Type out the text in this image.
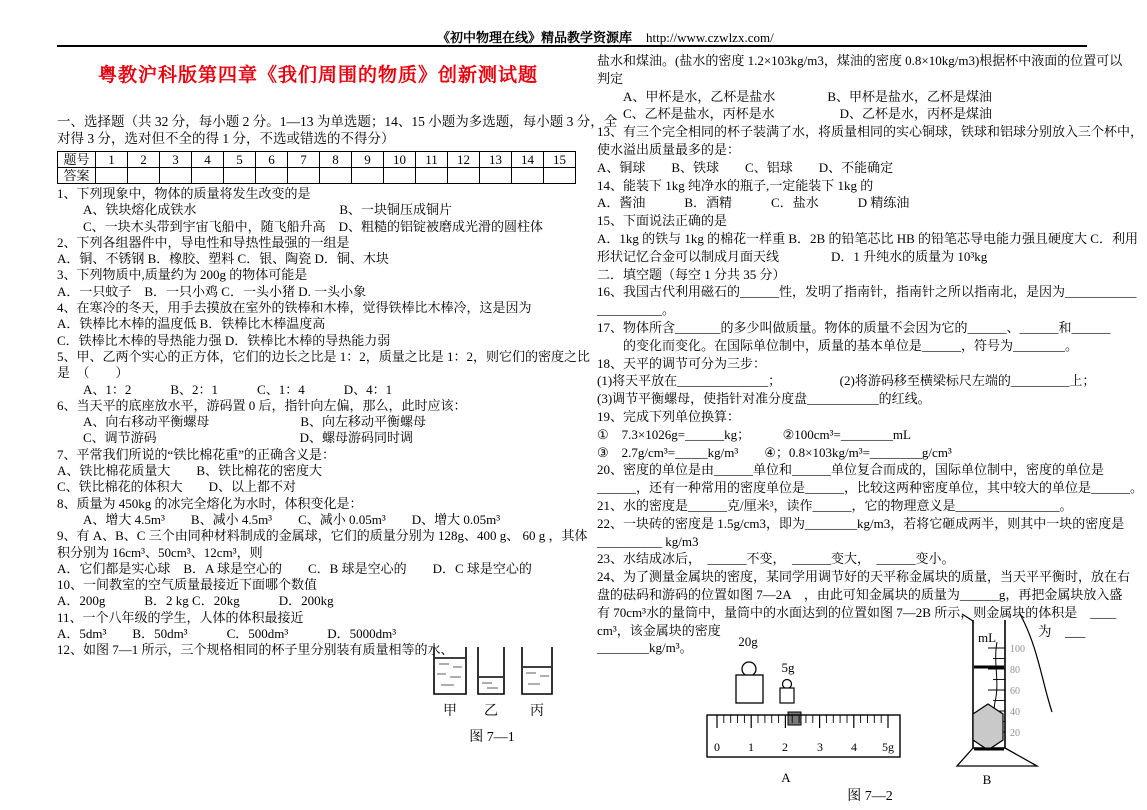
《初中物理在线》精品教学资源库 http://www.czwlzx.com/
粤教沪科版第四章《我们周围的物质》创新测试题
一、选择题（共 32 分，每小题 2 分。1—13 为单选题；14、15 小题为多选题，每小题 3 分，全
对得 3 分，选对但不全的得 1 分，不选或错选的不得分）
题号	1	2	3	4	5	6	7	8	9	10	11	12	13	14	15
答案															
1、下列现象中，物体的质量将发生改变的是
　　A、铁块熔化成铁水　　　　　　　　　　　B、一块铜压成铜片
　　C、一块木头带到宇宙飞船中，随飞船升高　D、粗糙的铝锭被磨成光滑的圆柱体
2、下列各组器件中，导电性和导热性最强的一组是
A．铜、不锈钢 B．橡胶、塑料 C．银、陶瓷 D．铜、木块
3、下列物质中,质量约为 200g 的物体可能是
A．一只蚊子　B．一只小鸡 C．一头小猪 D. 一头小象
4、在寒冷的冬天，用手去摸放在室外的铁棒和木棒，觉得铁棒比木棒冷，这是因为
A．铁棒比木棒的温度低 B．铁棒比木棒温度高
C．铁棒比木棒的导热能力强 D．铁棒比木棒的导热能力弱
5、甲、乙两个实心的正方体，它们的边长之比是 1：2，质量之比是 1：2，则它们的密度之比
是　（　　）
　　A、1：2　　　B、2：1　　　C、1：4　　　D、4：1
6、当天平的底座放水平，游码置 0 后，指针向左偏，那么，此时应该：
　　A、向右移动平衡螺母　　　　　　　B、向左移动平衡螺母
　　C、调节游码　　　　　　　　　　　D、螺母游码同时调
7、平常我们所说的“铁比棉花重”的正确含义是：
A、铁比棉花质量大　　B、铁比棉花的密度大
C、铁比棉花的体积大　　D、以上都不对
8、质量为 450kg 的冰完全熔化为水时，体积变化是：
　　A、增大 4.5m³　　B、减小 4.5m³　　C、减小 0.05m³　　D、增大 0.05m³
9、有 A、B、C 三个由同种材料制成的金属球，它们的质量分别为 128g、400 g、 60 g ，其体
积分别为 16cm³、50cm³、12cm³，则
A．它们都是实心球　B．A 球是空心的　　C．B 球是空心的　　D．C 球是空心的
10、一间教室的空气质量最接近下面哪个数值
A．200g　　　B．2 kg C．20kg　　　D．200kg
11、一个八年级的学生，人体的体积最接近
A．5dm³　　B．50dm³　　　C．500dm³　　　D．5000dm³
12、如图 7—1 所示，三个规格相同的杯子里分别装有质量相等的水、
盐水和煤油。(盐水的密度 1.2×103kg/m3，煤油的密度 0.8×10kg/m3)根据杯中液面的位置可以
判定
　　A、甲杯是水，乙杯是盐水　　　　B、甲杯是盐水，乙杯是煤油
　　C、乙杯是盐水，丙杯是水　　　　　D、乙杯是水，丙杯是煤油
13、有三个完全相同的杯子装满了水，将质量相同的实心铜球，铁球和铝球分别放入三个杯中，
使水溢出质量最多的是：
A、铜球　　B、铁球　　C、铝球　　D、不能确定
14、能装下 1kg 纯净水的瓶子,一定能装下 1kg 的
A．酱油　　　B．酒精　　　C．盐水　　　D 精练油
15、下面说法正确的是
A．1kg 的铁与 1kg 的棉花一样重 B．2B 的铅笔芯比 HB 的铅笔芯导电能力强且硬度大 C．利用
形状记忆合金可以制成月面天线　　　　D．1 升纯水的质量为 10³kg
二．填空题（每空 1 分共 35 分）
16、我国古代利用磁石的______性，发明了指南针，指南针之所以指南北，是因为___________
__________。
17、物体所含_______的多少叫做质量。物体的质量不会因为它的______、______和______
　　的变化而变化。在国际单位制中，质量的基本单位是______，符号为________。
18、天平的调节可分为三步：
(1)将天平放在______________；　　　　　(2)将游码移至横梁标尺左端的_________上；
(3)调节平衡螺母，使指针对准分度盘___________的红线。
19、完成下列单位换算：
①　7.3×1026g=______kg；　　　②100cm³=________mL
③　2.7g/cm³=_____kg/m³　　④；0.8×103kg/m³=________g/cm³
20、密度的单位是由______单位和______单位复合而成的，国际单位制中，密度的单位是
______，还有一种常用的密度单位是______，比较这两种密度单位，其中较大的单位是______。
21、水的密度是______克/厘米³，读作______，它的物理意义是________________。
22、一块砖的密度是 1.5g/cm3，即为________kg/m3，若将它砸成两半，则其中一块的密度是
__________ kg/m3
23、水结成冰后，　______不变，　______变大，　______变小。
24、为了测量金属块的密度，某同学用调节好的天平称金属块的质量，当天平平衡时，放在右
盘的砝码和游码的位置如图 7—2A　，由此可知金属块的质量为______g，再把金属块放入盛
有 70cm³水的量筒中，量筒中的水面达到的位置如图 7—2B 所示，则金属块的体积是　____
cm³，该金属块的密度
________kg/m³。
为　___
甲 乙 丙
图 7—1
20g
5g
0 1 2 3 4 5g
A
mL
100
80
60
40
20
B
图 7—2
